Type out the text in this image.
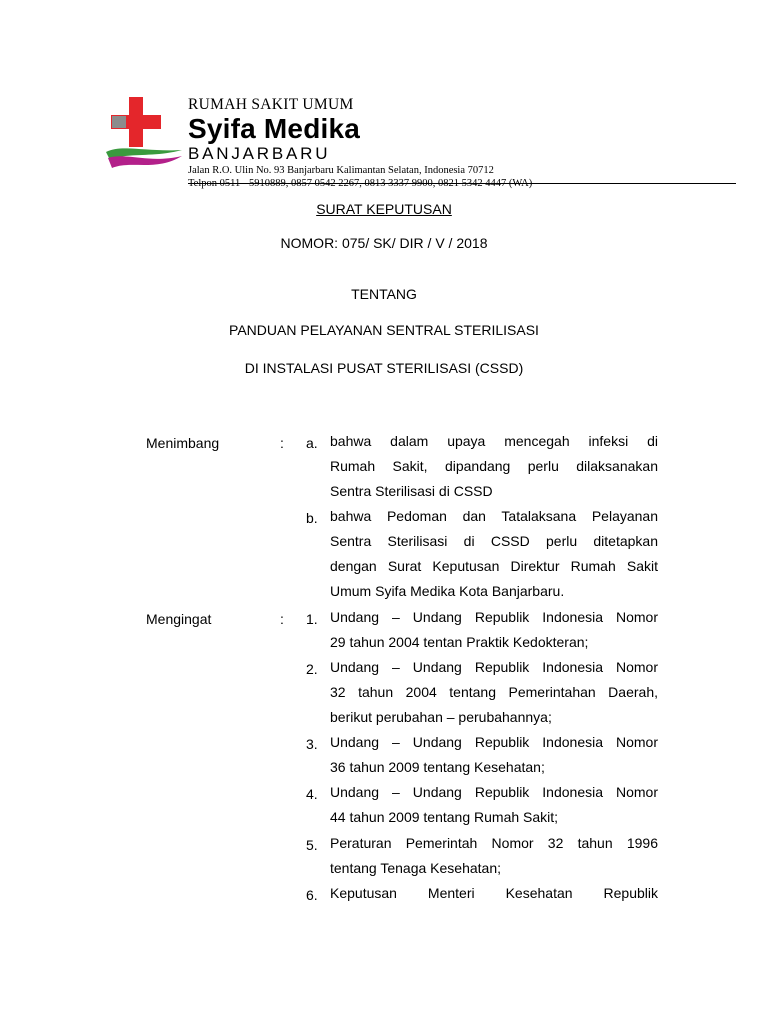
RUMAH SAKIT UMUM
Syifa Medika
BANJARBARU
Jalan R.O. Ulin No. 93 Banjarbaru Kalimantan Selatan, Indonesia 70712
Telpon 0511 - 5910889, 0857 0542 2267, 0813 3337 9900, 0821 5342 4447 (WA)
SURAT KEPUTUSAN
NOMOR: 075/ SK/ DIR / V / 2018
TENTANG
PANDUAN PELAYANAN SENTRAL STERILISASI
DI INSTALASI PUSAT STERILISASI (CSSD)
Menimbang	: a. bahwa dalam upaya mencegah infeksi di
Rumah Sakit, dipandang perlu dilaksanakan
Sentra Sterilisasi di CSSD
b. bahwa Pedoman dan Tatalaksana Pelayanan
Sentra Sterilisasi di CSSD perlu ditetapkan
dengan Surat Keputusan Direktur Rumah Sakit
Umum Syifa Medika Kota Banjarbaru.
Mengingat	: 1. Undang – Undang Republik Indonesia Nomor
29 tahun 2004 tentan Praktik Kedokteran;
2. Undang – Undang Republik Indonesia Nomor
32 tahun 2004 tentang Pemerintahan Daerah,
berikut perubahan – perubahannya;
3. Undang – Undang Republik Indonesia Nomor
36 tahun 2009 tentang Kesehatan;
4. Undang – Undang Republik Indonesia Nomor
44 tahun 2009 tentang Rumah Sakit;
5. Peraturan Pemerintah Nomor 32 tahun 1996
tentang Tenaga Kesehatan;
6. Keputusan Menteri Kesehatan Republik
